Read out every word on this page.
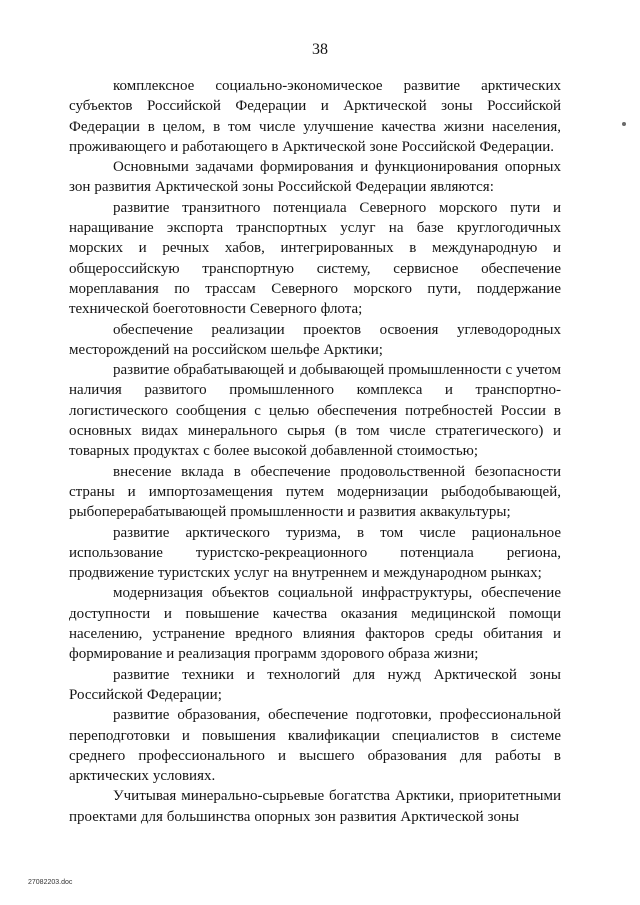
38

комплексное социально-экономическое развитие арктических субъектов Российской Федерации и Арктической зоны Российской Федерации в целом, в том числе улучшение качества жизни населения, проживающего и работающего в Арктической зоне Российской Федерации.

Основными задачами формирования и функционирования опорных зон развития Арктической зоны Российской Федерации являются:

развитие транзитного потенциала Северного морского пути и наращивание экспорта транспортных услуг на базе круглогодичных морских и речных хабов, интегрированных в международную и общероссийскую транспортную систему, сервисное обеспечение мореплавания по трассам Северного морского пути, поддержание технической боеготовности Северного флота;

обеспечение реализации проектов освоения углеводородных месторождений на российском шельфе Арктики;

развитие обрабатывающей и добывающей промышленности с учетом наличия развитого промышленного комплекса и транспортно-логистического сообщения с целью обеспечения потребностей России в основных видах минерального сырья (в том числе стратегического) и товарных продуктах с более высокой добавленной стоимостью;

внесение вклада в обеспечение продовольственной безопасности страны и импортозамещения путем модернизации рыбодобывающей, рыбоперерабатывающей промышленности и развития аквакультуры;

развитие арктического туризма, в том числе рациональное использование туристско-рекреационного потенциала региона, продвижение туристских услуг на внутреннем и международном рынках;

модернизация объектов социальной инфраструктуры, обеспечение доступности и повышение качества оказания медицинской помощи населению, устранение вредного влияния факторов среды обитания и формирование и реализация программ здорового образа жизни;

развитие техники и технологий для нужд Арктической зоны Российской Федерации;

развитие образования, обеспечение подготовки, профессиональной переподготовки и повышения квалификации специалистов в системе среднего профессионального и высшего образования для работы в арктических условиях.

Учитывая минерально-сырьевые богатства Арктики, приоритетными проектами для большинства опорных зон развития Арктической зоны

27082203.doc
